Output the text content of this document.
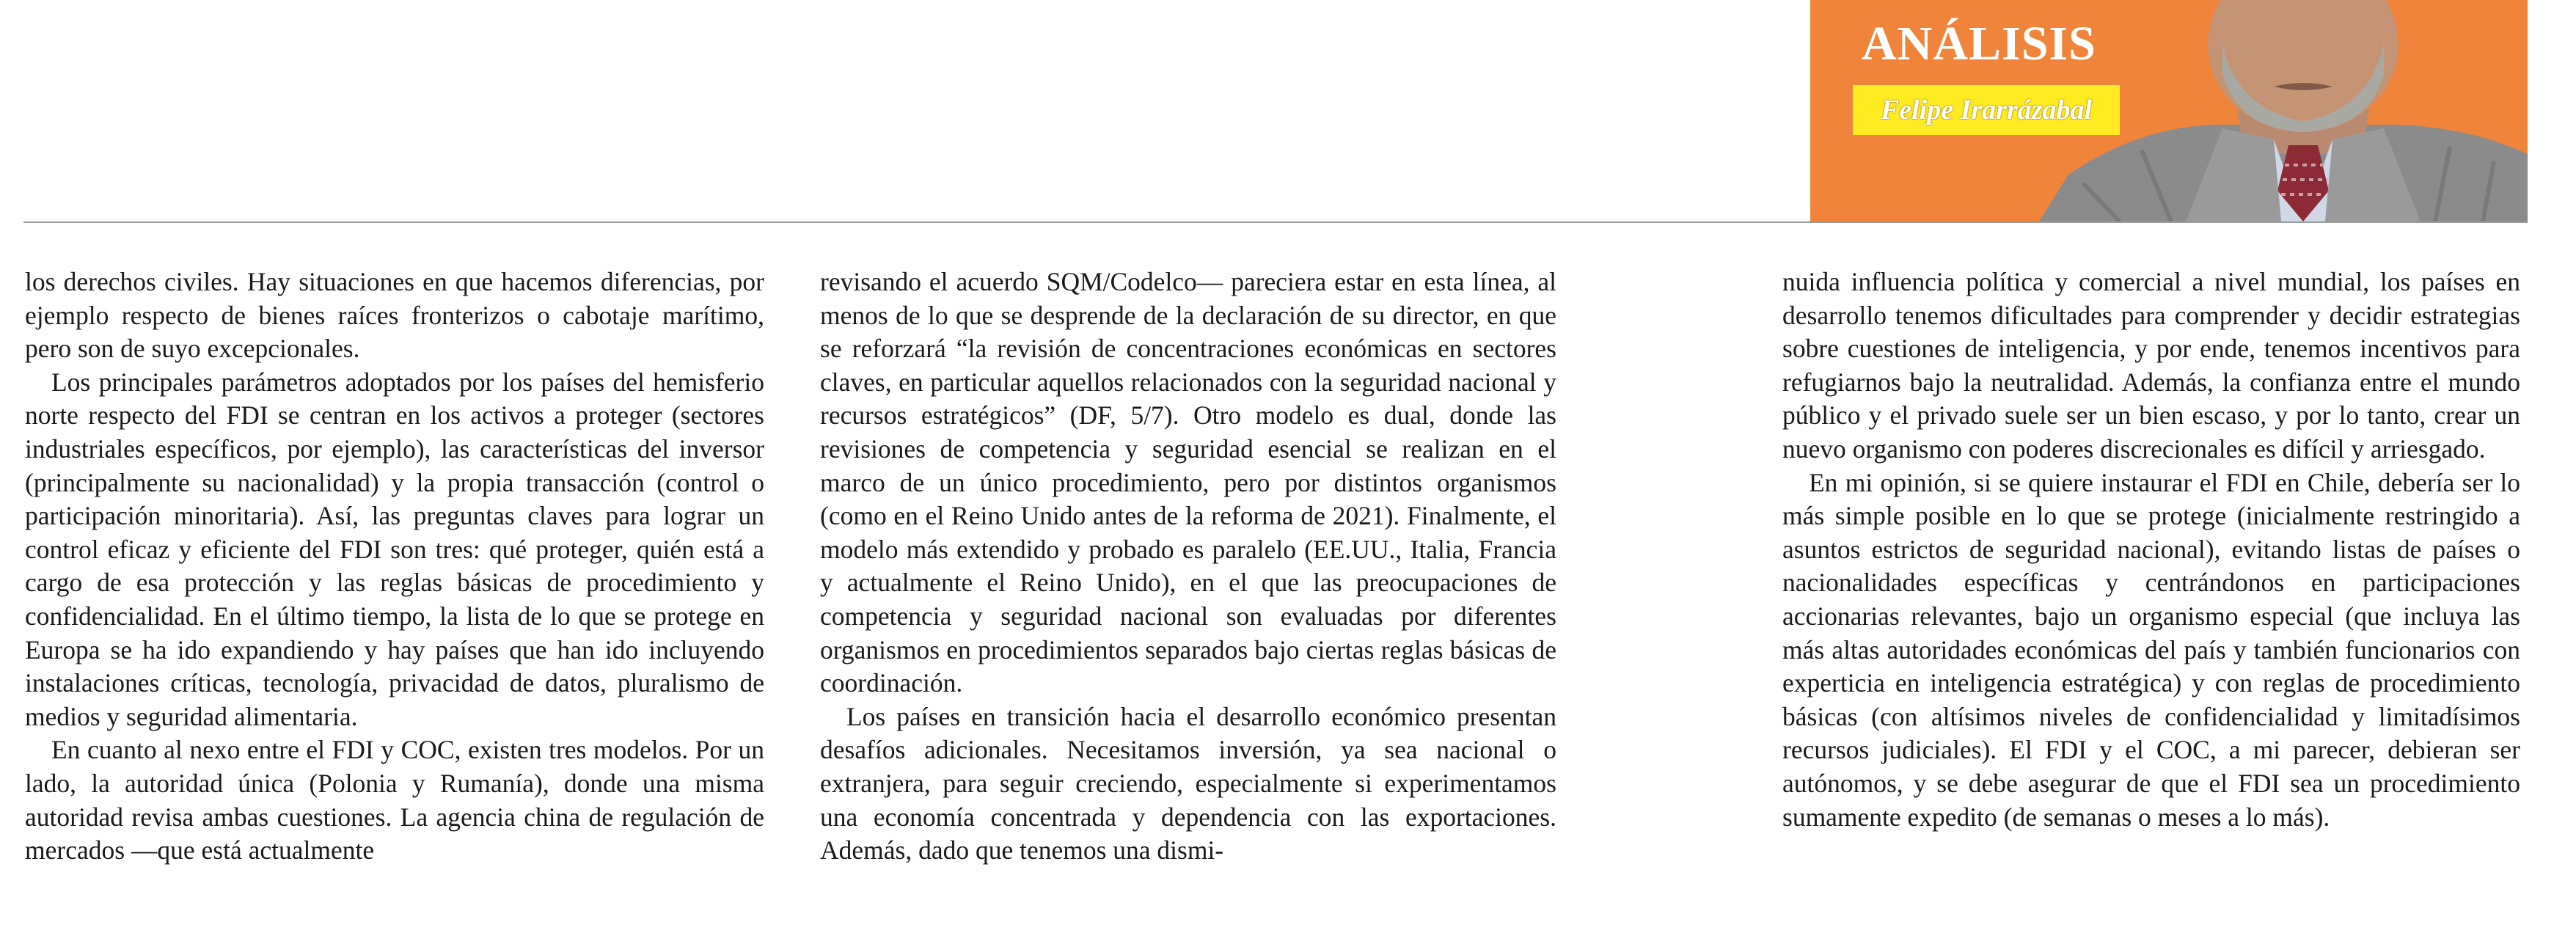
ANÁLISIS
Felipe Irarrázabal

los derechos civiles. Hay situaciones en que hacemos diferencias, por ejemplo respecto de bienes raíces fronterizos o cabotaje marítimo, pero son de suyo excepcionales.

Los principales parámetros adoptados por los países del hemisferio norte respecto del FDI se centran en los activos a proteger (sectores industriales específicos, por ejemplo), las características del inversor (principalmente su nacionalidad) y la propia transacción (control o participación minoritaria). Así, las preguntas claves para lograr un control eficaz y eficiente del FDI son tres: qué proteger, quién está a cargo de esa protección y las reglas básicas de procedimiento y confidencialidad. En el último tiempo, la lista de lo que se protege en Europa se ha ido expandiendo y hay países que han ido incluyendo instalaciones críticas, tecnología, privacidad de datos, pluralismo de medios y seguridad alimentaria.

En cuanto al nexo entre el FDI y COC, existen tres modelos. Por un lado, la autoridad única (Polonia y Rumanía), donde una misma autoridad revisa ambas cuestiones. La agencia china de regulación de mercados —que está actualmente

revisando el acuerdo SQM/Codelco— pareciera estar en esta línea, al menos de lo que se desprende de la declaración de su director, en que se reforzará “la revisión de concentraciones económicas en sectores claves, en particular aquellos relacionados con la seguridad nacional y recursos estratégicos” (DF, 5/7). Otro modelo es dual, donde las revisiones de competencia y seguridad esencial se realizan en el marco de un único procedimiento, pero por distintos organismos (como en el Reino Unido antes de la reforma de 2021). Finalmente, el modelo más extendido y probado es paralelo (EE.UU., Italia, Francia y actualmente el Reino Unido), en el que las preocupaciones de competencia y seguridad nacional son evaluadas por diferentes organismos en procedimientos separados bajo ciertas reglas básicas de coordinación.

Los países en transición hacia el desarrollo económico presentan desafíos adicionales. Necesitamos inversión, ya sea nacional o extranjera, para seguir creciendo, especialmente si experimentamos una economía concentrada y dependencia con las exportaciones. Además, dado que tenemos una dismi-

nuida influencia política y comercial a nivel mundial, los países en desarrollo tenemos dificultades para comprender y decidir estrategias sobre cuestiones de inteligencia, y por ende, tenemos incentivos para refugiarnos bajo la neutralidad. Además, la confianza entre el mundo público y el privado suele ser un bien escaso, y por lo tanto, crear un nuevo organismo con poderes discrecionales es difícil y arriesgado.

En mi opinión, si se quiere instaurar el FDI en Chile, debería ser lo más simple posible en lo que se protege (inicialmente restringido a asuntos estrictos de seguridad nacional), evitando listas de países o nacionalidades específicas y centrándonos en participaciones accionarias relevantes, bajo un organismo especial (que incluya las más altas autoridades económicas del país y también funcionarios con experticia en inteligencia estratégica) y con reglas de procedimiento básicas (con altísimos niveles de confidencialidad y limitadísimos recursos judiciales). El FDI y el COC, a mi parecer, debieran ser autónomos, y se debe asegurar de que el FDI sea un procedimiento sumamente expedito (de semanas o meses a lo más).
